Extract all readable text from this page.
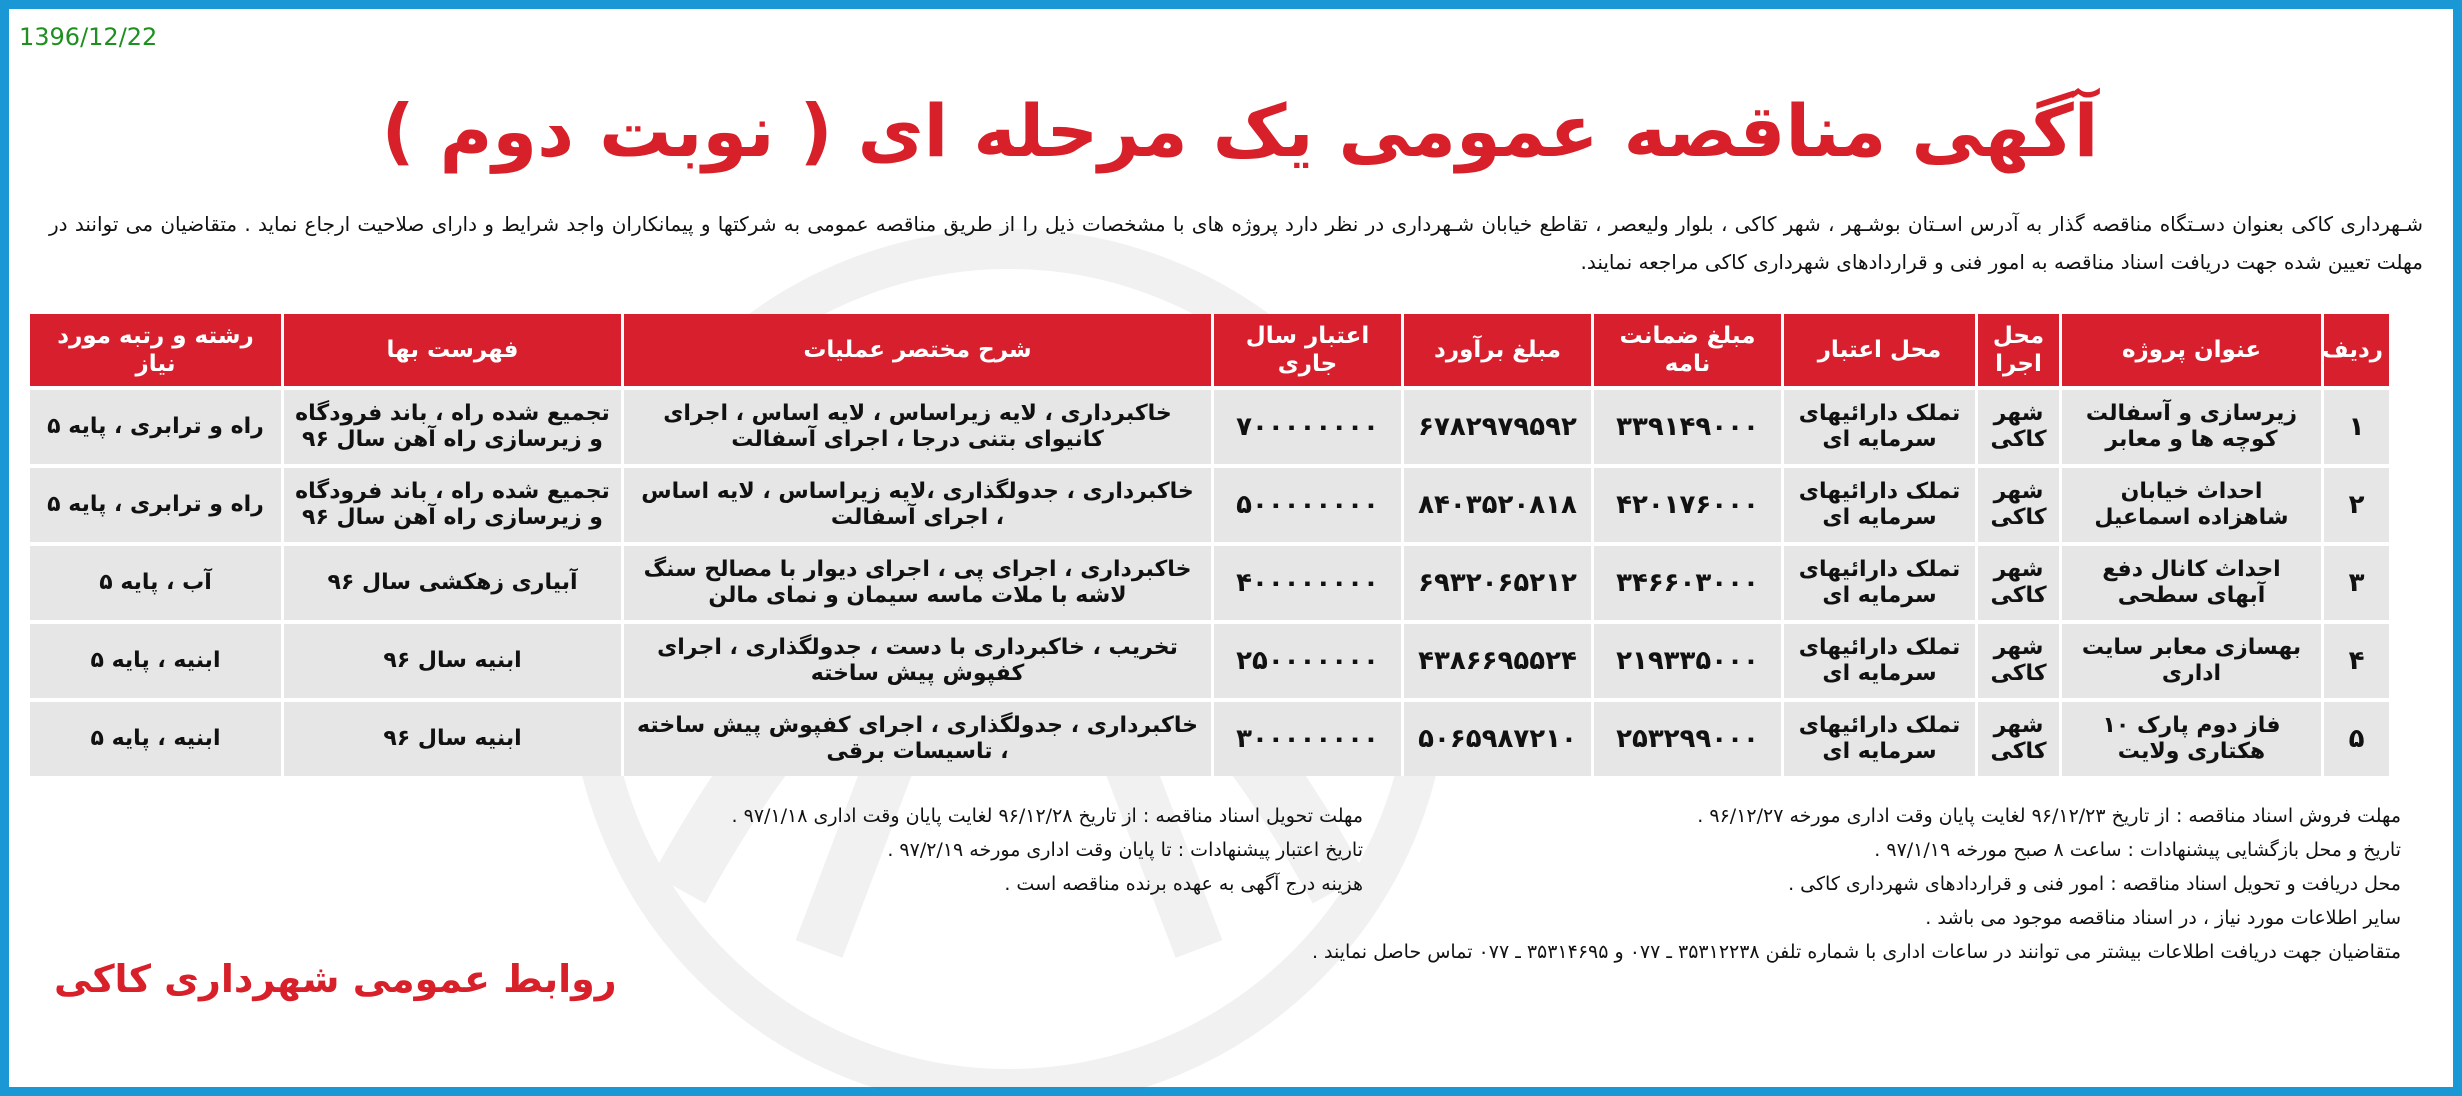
1396/12/22
آگهی مناقصه عمومی یک مرحله ای ( نوبت دوم )
شـهرداری کاکی بعنوان دسـتگاه مناقصه گذار به آدرس اسـتان بوشـهر ، شهر کاکی ، بلوار ولیعصر ، تقاطع خیابان شـهرداری در نظر دارد پروژه های با مشخصات ذیل را از طریق مناقصه عمومی به شرکتها و پیمانکاران واجد شرایط و دارای صلاحیت ارجاع نماید . متقاضیان می توانند در مهلت تعیین شده جهت دریافت اسناد مناقصه به امور فنی و قراردادهای شهرداری کاکی مراجعه نمایند.
ردیف	عنوان پروژه	محل اجرا	محل اعتبار	مبلغ ضمانت نامه	مبلغ برآورد	اعتبار سال جاری	شرح مختصر عملیات	فهرست بها	رشته و رتبه مورد نیاز
۱	زیرسازی و آسفالت کوچه ها و معابر	شهر کاکی	تملک دارائیهای سرمایه ای	۳۳۹۱۴۹۰۰۰	۶۷۸۲۹۷۹۵۹۲	۷۰۰۰۰۰۰۰۰	خاکبرداری ، لایه زیراساس ، لایه اساس ، اجرای کانیوای بتنی درجا ، اجرای آسفالت	تجمیع شده راه ، باند فرودگاه و زیرسازی راه آهن سال ۹۶	راه و ترابری ، پایه ۵
۲	احداث خیابان شاهزاده اسماعیل	شهر کاکی	تملک دارائیهای سرمایه ای	۴۲۰۱۷۶۰۰۰	۸۴۰۳۵۲۰۸۱۸	۵۰۰۰۰۰۰۰۰	خاکبرداری ، جدولگذاری ،لایه زیراساس ، لایه اساس ، اجرای آسفالت	تجمیع شده راه ، باند فرودگاه و زیرسازی راه آهن سال ۹۶	راه و ترابری ، پایه ۵
۳	احداث کانال دفع آبهای سطحی	شهر کاکی	تملک دارائیهای سرمایه ای	۳۴۶۶۰۳۰۰۰	۶۹۳۲۰۶۵۲۱۲	۴۰۰۰۰۰۰۰۰	خاکبرداری ، اجرای پی ، اجرای دیوار با مصالح سنگ لاشه با ملات ماسه سیمان و نمای مالن	آبیاری زهکشی سال ۹۶	آب ، پایه ۵
۴	بهسازی معابر سایت اداری	شهر کاکی	تملک دارائیهای سرمایه ای	۲۱۹۳۳۵۰۰۰	۴۳۸۶۶۹۵۵۲۴	۲۵۰۰۰۰۰۰۰	تخریب ، خاکبرداری با دست ، جدولگذاری ، اجرای کفپوش پیش ساخته	ابنیه سال ۹۶	ابنیه ، پایه ۵
۵	فاز دوم پارک ۱۰ هکتاری ولایت	شهر کاکی	تملک دارائیهای سرمایه ای	۲۵۳۲۹۹۰۰۰	۵۰۶۵۹۸۷۲۱۰	۳۰۰۰۰۰۰۰۰	خاکبرداری ، جدولگذاری ، اجرای کفپوش پیش ساخته ، تاسیسات برقی	ابنیه سال ۹۶	ابنیه ، پایه ۵
مهلت فروش اسناد مناقصه : از تاریخ ۹۶/۱۲/۲۳ لغایت پایان وقت اداری مورخه ۹۶/۱۲/۲۷ .
تاریخ و محل بازگشایی پیشنهادات : ساعت ۸ صبح مورخه ۹۷/۱/۱۹ .
محل دریافت و تحویل اسناد مناقصه : امور فنی و قراردادهای شهرداری کاکی .
سایر اطلاعات مورد نیاز ، در اسناد مناقصه موجود می باشد .
متقاضیان جهت دریافت اطلاعات بیشتر می توانند در ساعات اداری با شماره تلفن ۳۵۳۱۲۲۳۸ ـ ۰۷۷ و ۳۵۳۱۴۶۹۵ ـ ۰۷۷ تماس حاصل نمایند .
مهلت تحویل اسناد مناقصه : از تاریخ ۹۶/۱۲/۲۸ لغایت پایان وقت اداری ۹۷/۱/۱۸ .
تاریخ اعتبار پیشنهادات : تا پایان وقت اداری مورخه ۹۷/۲/۱۹ .
هزینه درج آگهی به عهده برنده مناقصه است .
روابط عمومی شهرداری کاکی
